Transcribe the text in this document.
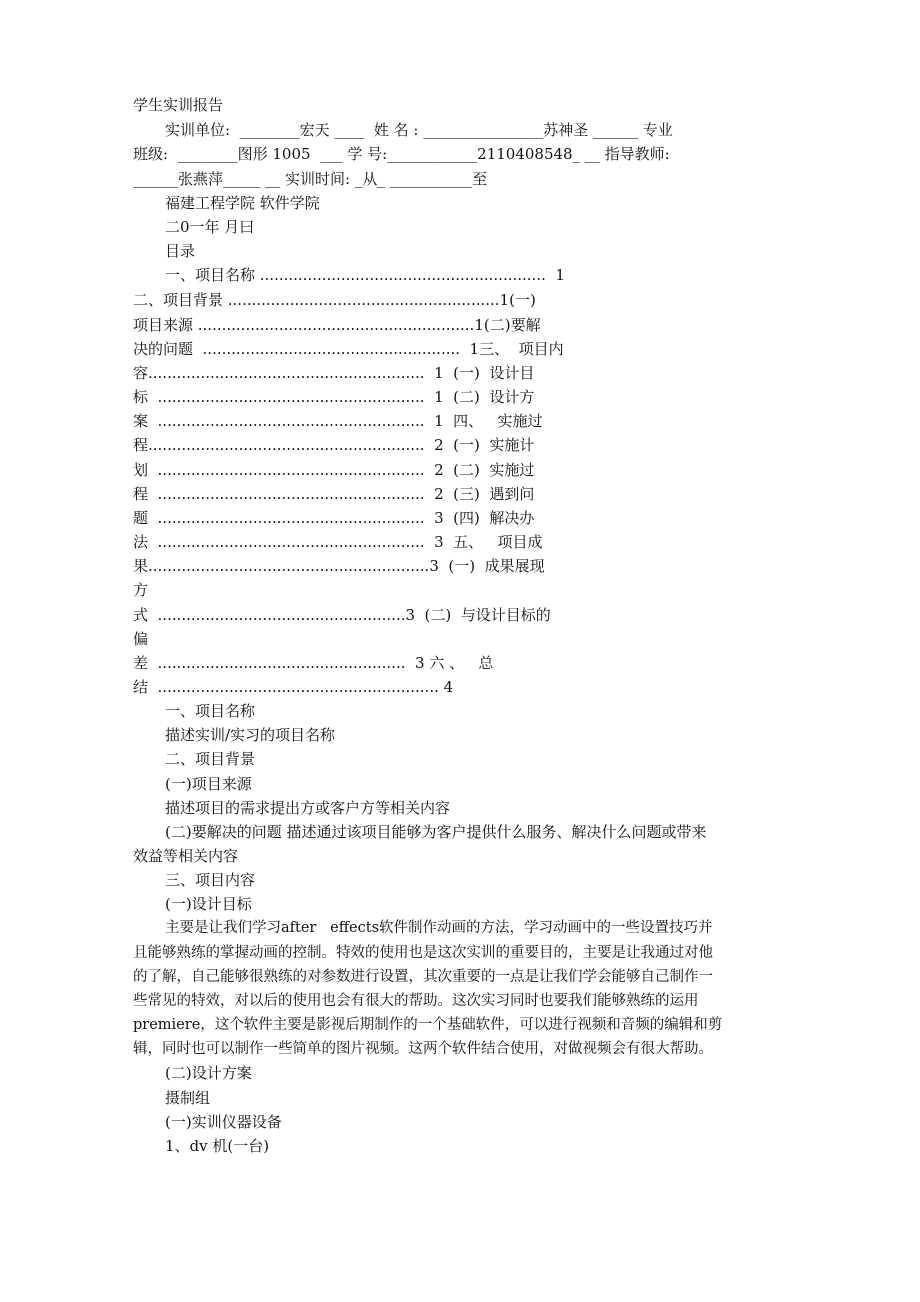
学生实训报告
实训单位:  ________宏天 ____  姓 名 : ________________苏神圣 ______ 专业
班级:  ________图形 1005  ___ 学 号:____________2110408548_ __ 指导教师:
______张燕萍_____ __ 实训时间: _从_ ___________至
福建工程学院 软件学院
二0一年 月曰
目录
一、项目名称 ............................................................  1
二、项目背景 .........................................................1(一)
项目来源 ..........................................................1(二)要解
决的问题  ......................................................  1三、  项目内
容..........................................................  1  (一)  设计目
标  ........................................................  1  (二)  设计方
案  ........................................................  1  四、   实施过
程..........................................................  2  (一)  实施计
划  ........................................................  2  (二)  实施过
程  ........................................................  2  (三)  遇到问
题  ........................................................  3  (四)  解决办
法  ........................................................  3  五、   项目成
果...........................................................3  (一)  成果展现
方
式  ....................................................3  (二)  与设计目标的
偏
差  ....................................................  3 六 、   总
结  ........................................................... 4
一、项目名称
描述实训/实习的项目名称
二、项目背景
(一)项目来源
描述项目的需求提出方或客户方等相关内容
(二)要解决的问题 描述通过该项目能够为客户提供什么服务、解决什么问题或带来
效益等相关内容
三、项目内容
(一)设计目标
主要是让我们学习after   effects软件制作动画的方法，学习动画中的一些设置技巧并
且能够熟练的掌握动画的控制。特效的使用也是这次实训的重要目的，主要是让我通过对他
的了解，自己能够很熟练的对参数进行设置，其次重要的一点是让我们学会能够自己制作一
些常见的特效，对以后的使用也会有很大的帮助。这次实习同时也要我们能够熟练的运用
premiere，这个软件主要是影视后期制作的一个基础软件，可以进行视频和音频的编辑和剪
辑，同时也可以制作一些简单的图片视频。这两个软件结合使用，对做视频会有很大帮助。
(二)设计方案
摄制组
(一)实训仪器设备
1、dv 机(一台)
